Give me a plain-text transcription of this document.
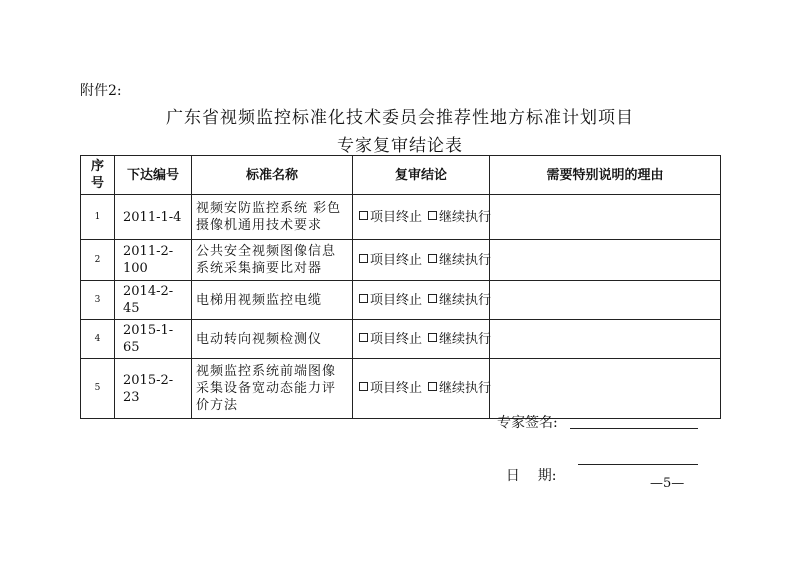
附件2:
广东省视频监控标准化技术委员会推荐性地方标准计划项目
专家复审结论表
序号	下达编号	标准名称	复审结论	需要特别说明的理由
1	2011-1-4	视频安防监控系统 彩色摄像机通用技术要求	项目终止 继续执行	
2	2011-2-100	公共安全视频图像信息系统采集摘要比对器	项目终止 继续执行	
3	2014-2-45	电梯用视频监控电缆	项目终止 继续执行	
4	2015-1-65	电动转向视频检测仪	项目终止 继续执行	
5	2015-2-23	视频监控系统前端图像采集设备宽动态能力评价方法	项目终止 继续执行	
专家签名:

日    期:	—5—
